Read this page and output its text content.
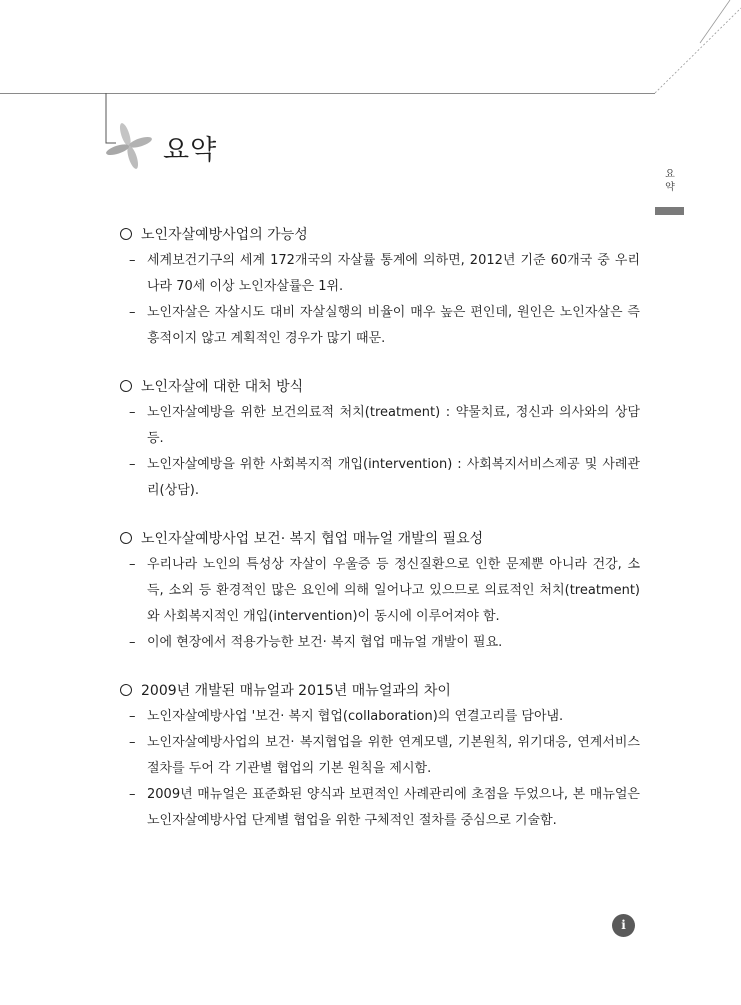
요약
요
약
노인자살예방사업의 가능성
– 세계보건기구의 세계 172개국의 자살률 통계에 의하면, 2012년 기준 60개국 중 우리나라 70세 이상 노인자살률은 1위.
– 노인자살은 자살시도 대비 자살실행의 비율이 매우 높은 편인데, 원인은 노인자살은 즉흥적이지 않고 계획적인 경우가 많기 때문.
노인자살에 대한 대처 방식
– 노인자살예방을 위한 보건의료적 처치(treatment) : 약물치료, 정신과 의사와의 상담 등.
– 노인자살예방을 위한 사회복지적 개입(intervention) : 사회복지서비스제공 및 사례관리(상담).
노인자살예방사업 보건· 복지 협업 매뉴얼 개발의 필요성
– 우리나라 노인의 특성상 자살이 우울증 등 정신질환으로 인한 문제뿐 아니라 건강, 소득, 소외 등 환경적인 많은 요인에 의해 일어나고 있으므로 의료적인 처치(treatment)와 사회복지적인 개입(intervention)이 동시에 이루어져야 함.
– 이에 현장에서 적용가능한 보건· 복지 협업 매뉴얼 개발이 필요.
2009년 개발된 매뉴얼과 2015년 매뉴얼과의 차이
– 노인자살예방사업 '보건· 복지 협업(collaboration)의 연결고리를 담아냄.
– 노인자살예방사업의 보건· 복지협업을 위한 연계모델, 기본원칙, 위기대응, 연계서비스 절차를 두어 각 기관별 협업의 기본 원칙을 제시함.
– 2009년 매뉴얼은 표준화된 양식과 보편적인 사례관리에 초점을 두었으나, 본 매뉴얼은 노인자살예방사업 단계별 협업을 위한 구체적인 절차를 중심으로 기술함.
i
